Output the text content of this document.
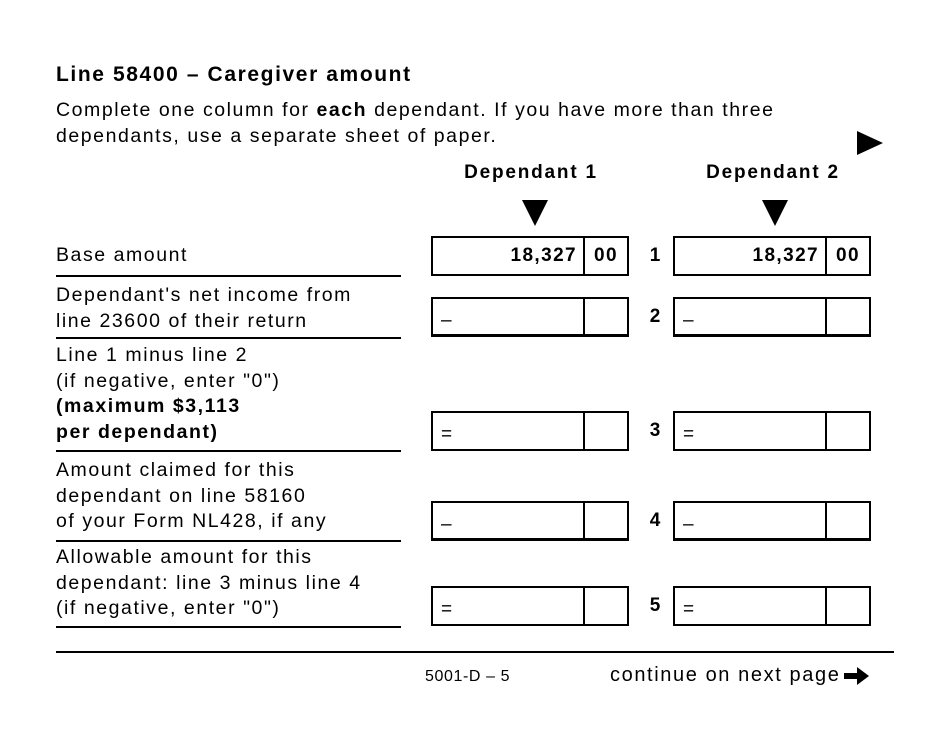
Line 58400 – Caregiver amount
Complete one column for each dependant. If you have more than three
dependants, use a separate sheet of paper.
Dependant 1	Dependant 2
Base amount	18,327 00	1	18,327 00
Dependant's net income from
line 23600 of their return	–	2 –
Line 1 minus line 2
(if negative, enter "0")
(maximum $3,113
per dependant)	=	3 =
Amount claimed for this
dependant on line 58160
of your Form NL428, if any	–	4 –
Allowable amount for this
dependant: line 3 minus line 4
(if negative, enter "0")	=	5 =
5001-D – 5	continue on next page
